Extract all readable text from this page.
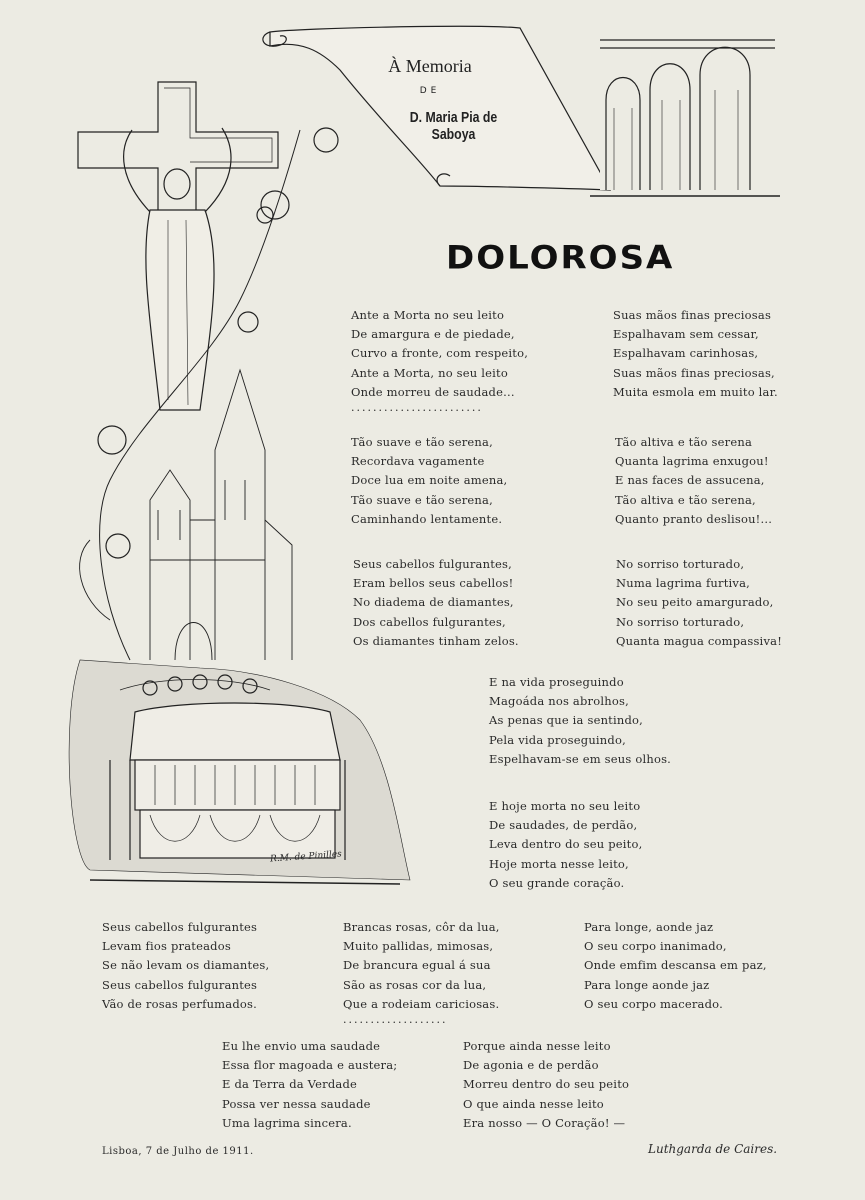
À Memoria
DE
D. Maria Pia de Saboya
R.M. de Pinilles
DOLOROSA
Ante a Morta no seu leito
De amargura e de piedade,
Curvo a fronte, com respeito,
Ante a Morta, no seu leito
Onde morreu de saudade...
........................
Suas mãos finas preciosas
Espalhavam sem cessar,
Espalhavam carinhosas,
Suas mãos finas preciosas,
Muita esmola em muito lar.
Tão suave e tão serena,
Recordava vagamente
Doce lua em noite amena,
Tão suave e tão serena,
Caminhando lentamente.
Tão altiva e tão serena
Quanta lagrima enxugou!
E nas faces de assucena,
Tão altiva e tão serena,
Quanto pranto deslisou!...
Seus cabellos fulgurantes,
Eram bellos seus cabellos!
No diadema de diamantes,
Dos cabellos fulgurantes,
Os diamantes tinham zelos.
No sorriso torturado,
Numa lagrima furtiva,
No seu peito amargurado,
No sorriso torturado,
Quanta magua compassiva!
E na vida proseguindo
Magoáda nos abrolhos,
As penas que ia sentindo,
Pela vida proseguindo,
Espelhavam-se em seus olhos.
E hoje morta no seu leito
De saudades, de perdão,
Leva dentro do seu peito,
Hoje morta nesse leito,
O seu grande coração.
Seus cabellos fulgurantes
Levam fios prateados
Se não levam os diamantes,
Seus cabellos fulgurantes
Vão de rosas perfumados.
Brancas rosas, côr da lua,
Muito pallidas, mimosas,
De brancura egual á sua
São as rosas cor da lua,
Que a rodeiam cariciosas.
...................
Para longe, aonde jaz
O seu corpo inanimado,
Onde emfim descansa em paz,
Para longe aonde jaz
O seu corpo macerado.
Eu lhe envio uma saudade
Essa flor magoada e austera;
E da Terra da Verdade
Possa ver nessa saudade
Uma lagrima sincera.
Porque ainda nesse leito
De agonia e de perdão
Morreu dentro do seu peito
O que ainda nesse leito
Era nosso — O Coração! —
Lisboa, 7 de Julho de 1911.	Luthgarda de Caires.
